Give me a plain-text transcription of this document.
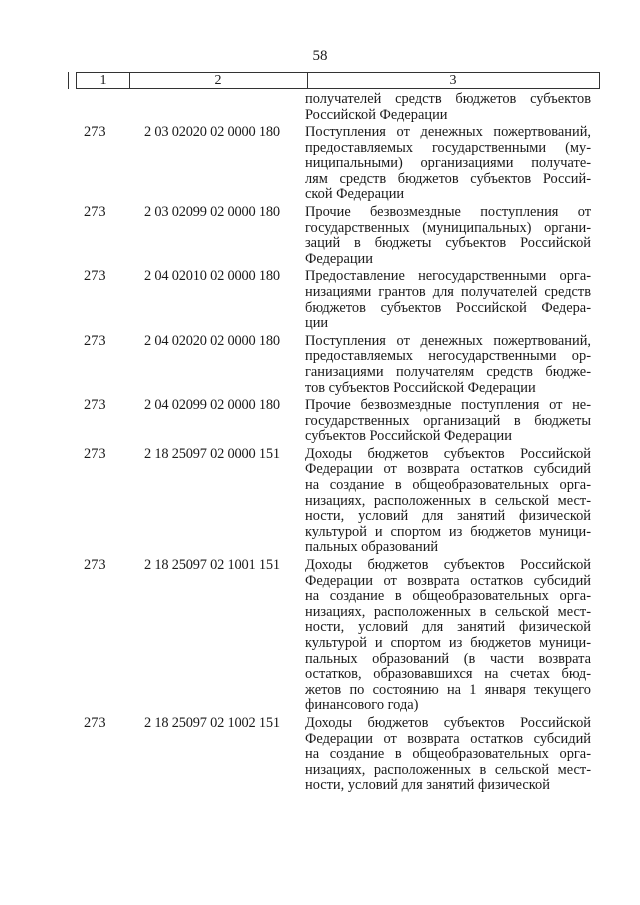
58
1	2	3
получателей средств бюджетов субъектов
Российской Федерации
273	2 03 02020 02 0000 180	Поступления от денежных пожертвований,
предоставляемых государственными (му-
ниципальными) организациями получате-
лям средств бюджетов субъектов Россий-
ской Федерации
273	2 03 02099 02 0000 180	Прочие безвозмездные поступления от
государственных (муниципальных) органи-
заций в бюджеты субъектов Российской
Федерации
273	2 04 02010 02 0000 180	Предоставление негосударственными орга-
низациями грантов для получателей средств
бюджетов субъектов Российской Федера-
ции
273	2 04 02020 02 0000 180	Поступления от денежных пожертвований,
предоставляемых негосударственными ор-
ганизациями получателям средств бюдже-
тов субъектов Российской Федерации
273	2 04 02099 02 0000 180	Прочие безвозмездные поступления от не-
государственных организаций в бюджеты
субъектов Российской Федерации
273	2 18 25097 02 0000 151	Доходы бюджетов субъектов Российской
Федерации от возврата остатков субсидий
на создание в общеобразовательных орга-
низациях, расположенных в сельской мест-
ности, условий для занятий физической
культурой и спортом из бюджетов муници-
пальных образований
273	2 18 25097 02 1001 151	Доходы бюджетов субъектов Российской
Федерации от возврата остатков субсидий
на создание в общеобразовательных орга-
низациях, расположенных в сельской мест-
ности, условий для занятий физической
культурой и спортом из бюджетов муници-
пальных образований (в части возврата
остатков, образовавшихся на счетах бюд-
жетов по состоянию на 1 января текущего
финансового года)
273	2 18 25097 02 1002 151	Доходы бюджетов субъектов Российской
Федерации от возврата остатков субсидий
на создание в общеобразовательных орга-
низациях, расположенных в сельской мест-
ности, условий для занятий физической
